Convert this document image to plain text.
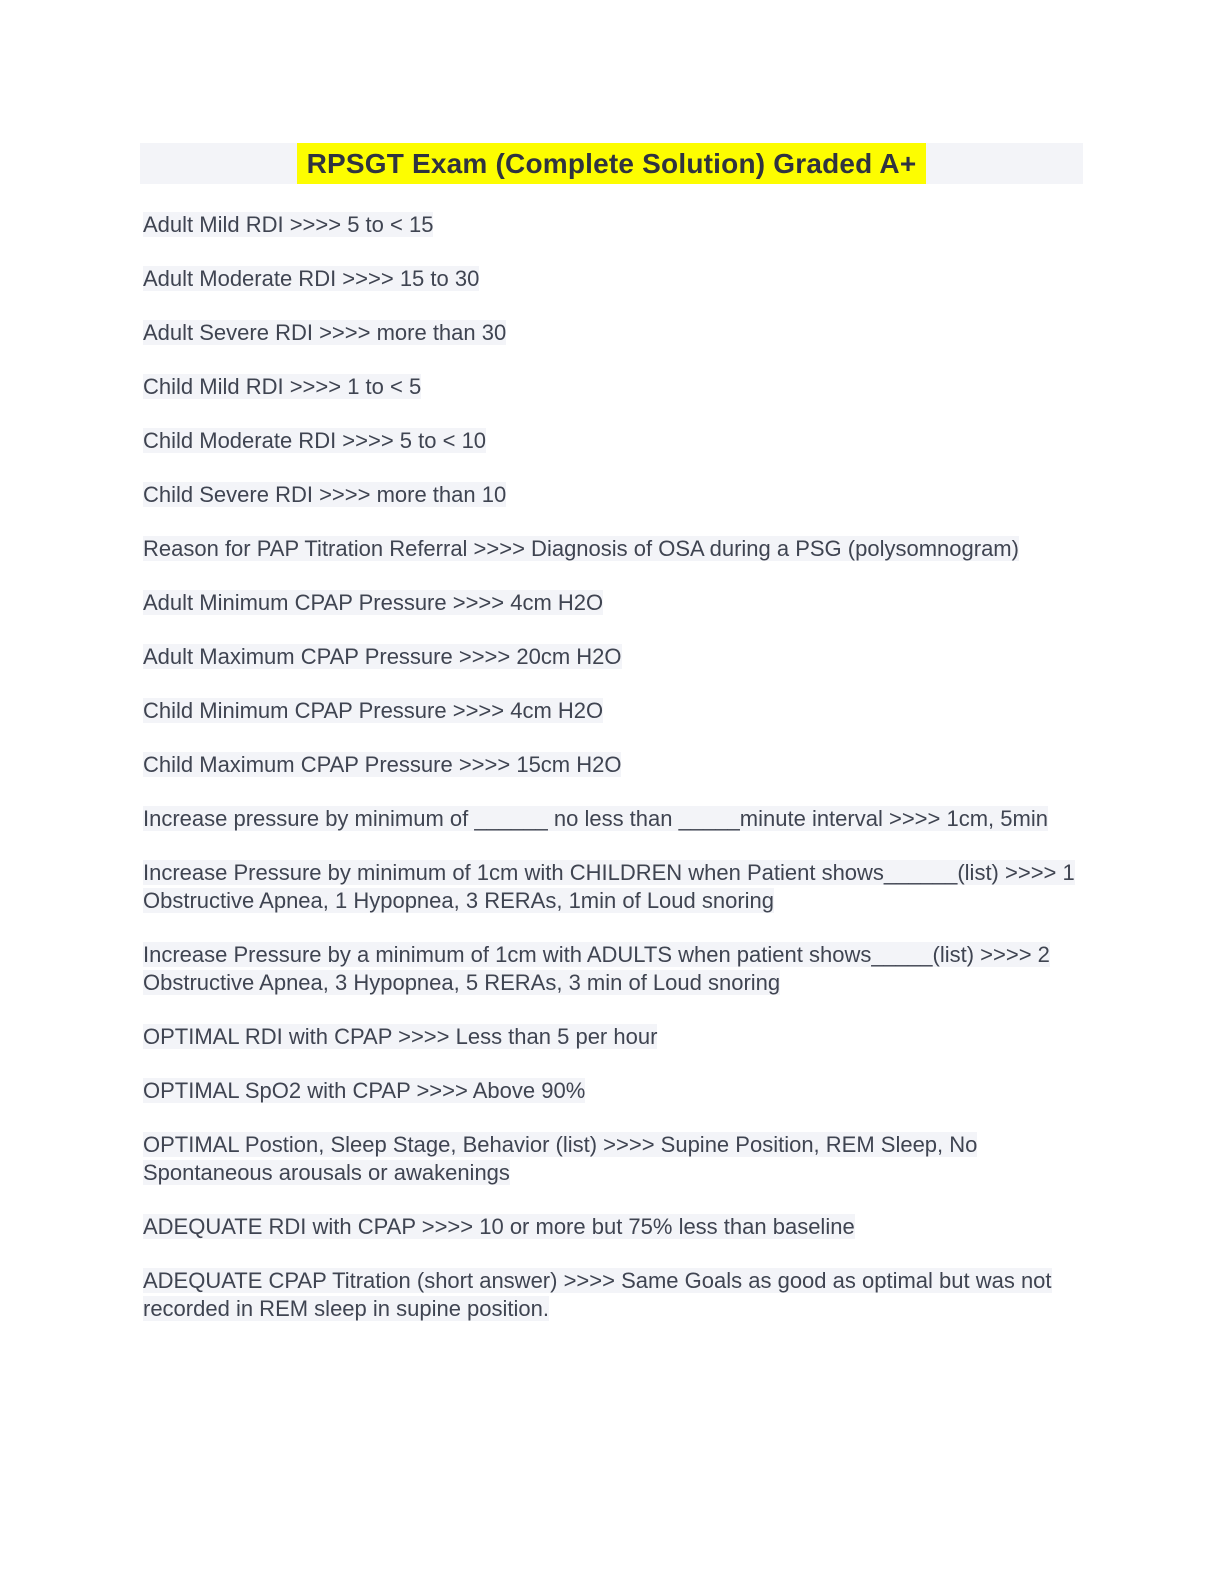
RPSGT Exam (Complete Solution) Graded A+

Adult Mild RDI >>>> 5 to < 15

Adult Moderate RDI >>>> 15 to 30

Adult Severe RDI >>>> more than 30

Child Mild RDI >>>> 1 to < 5

Child Moderate RDI >>>> 5 to < 10

Child Severe RDI >>>> more than 10

Reason for PAP Titration Referral >>>> Diagnosis of OSA during a PSG (polysomnogram)

Adult Minimum CPAP Pressure >>>> 4cm H2O

Adult Maximum CPAP Pressure >>>> 20cm H2O

Child Minimum CPAP Pressure >>>> 4cm H2O

Child Maximum CPAP Pressure >>>> 15cm H2O

Increase pressure by minimum of ______ no less than _____minute interval >>>> 1cm, 5min

Increase Pressure by minimum of 1cm with CHILDREN when Patient shows______(list) >>>> 1 Obstructive Apnea, 1 Hypopnea, 3 RERAs, 1min of Loud snoring

Increase Pressure by a minimum of 1cm with ADULTS when patient shows_____(list) >>>> 2 Obstructive Apnea, 3 Hypopnea, 5 RERAs, 3 min of Loud snoring

OPTIMAL RDI with CPAP >>>> Less than 5 per hour

OPTIMAL SpO2 with CPAP >>>> Above 90%

OPTIMAL Postion, Sleep Stage, Behavior (list) >>>> Supine Position, REM Sleep, No Spontaneous arousals or awakenings

ADEQUATE RDI with CPAP >>>> 10 or more but 75% less than baseline

ADEQUATE CPAP Titration (short answer) >>>> Same Goals as good as optimal but was not recorded in REM sleep in supine position.
